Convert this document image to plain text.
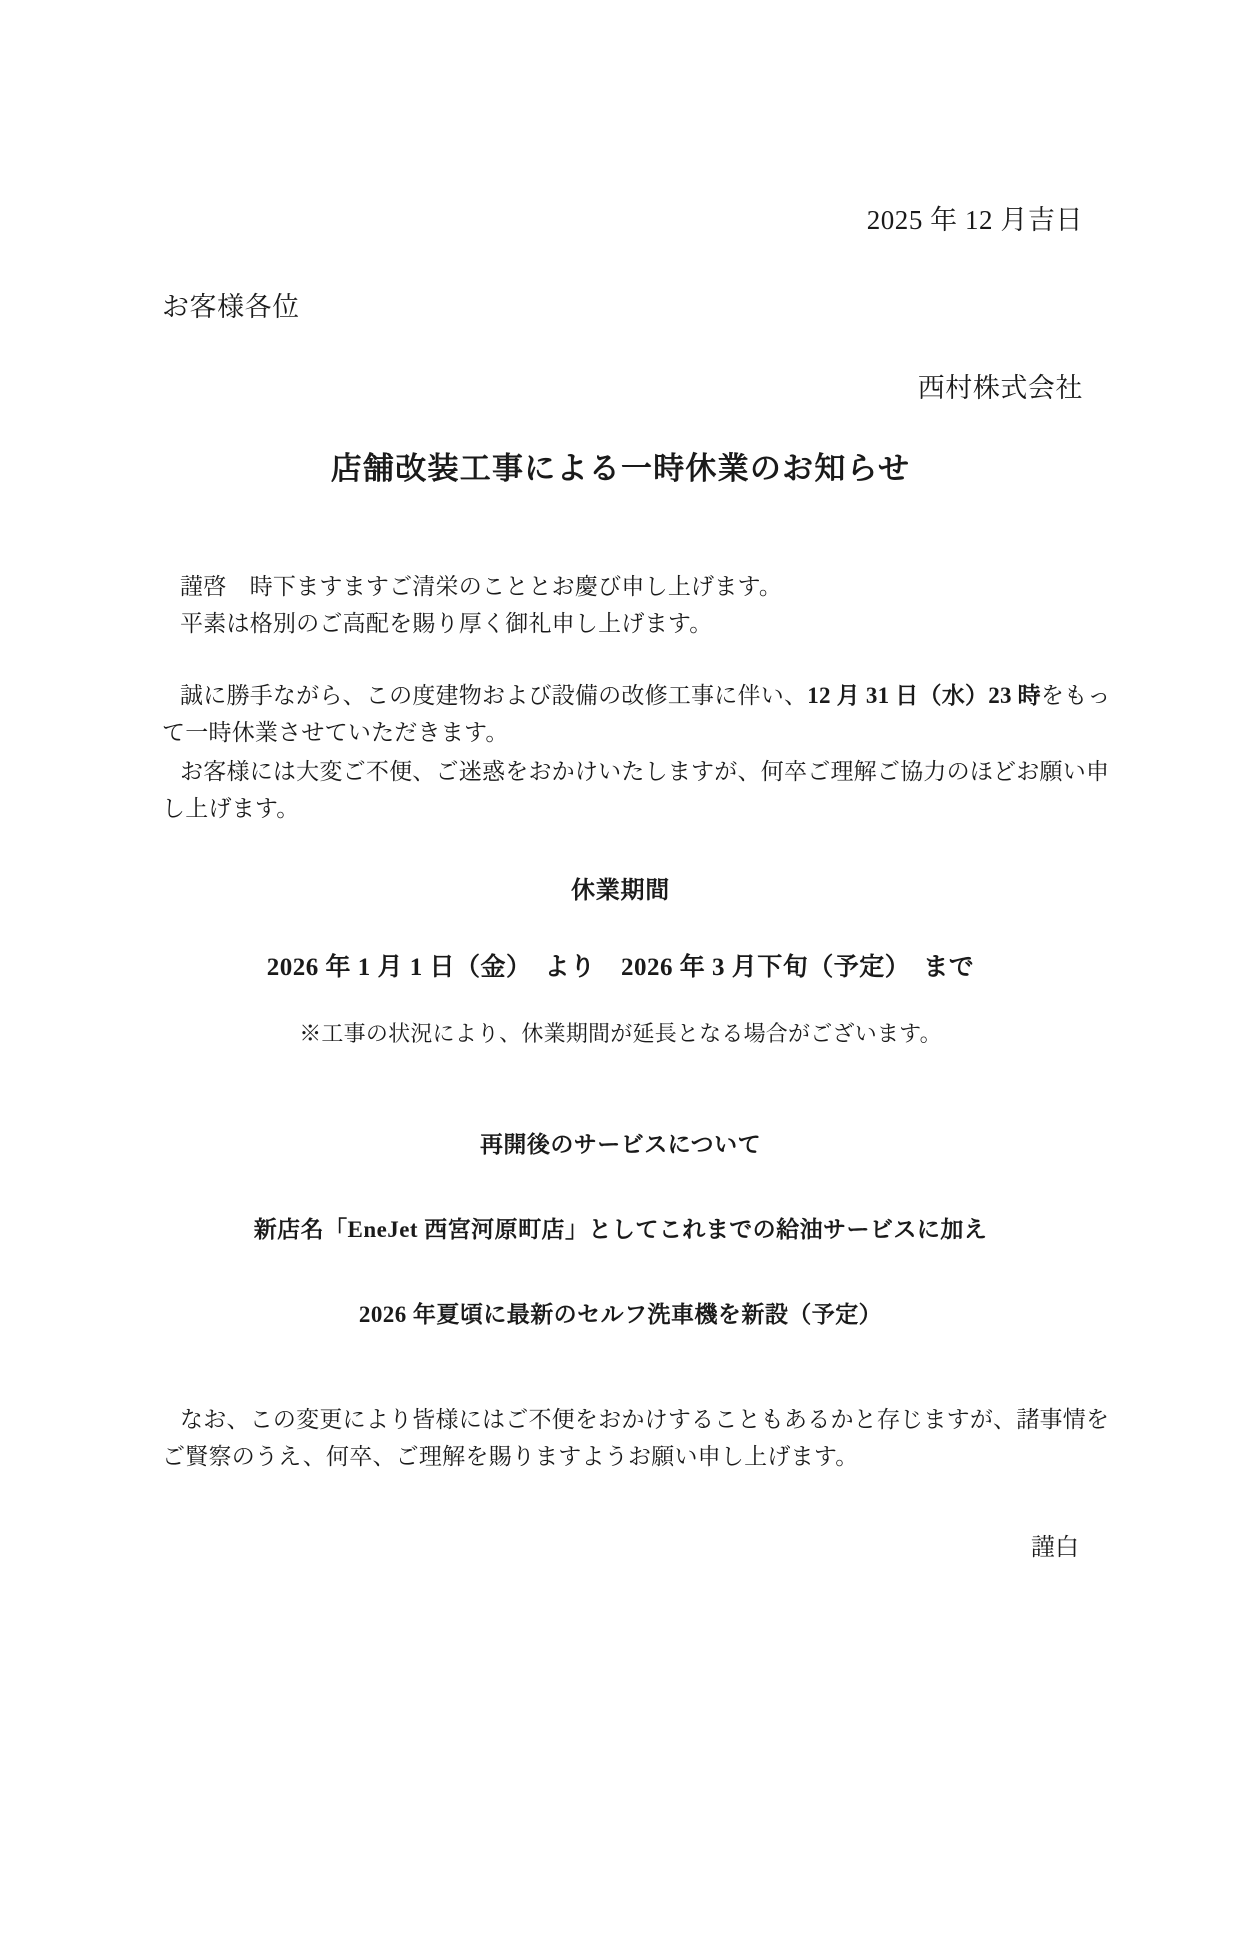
2025 年 12 月吉日
お客様各位
西村株式会社
店舗改装工事による一時休業のお知らせ

謹啓　時下ますますご清栄のこととお慶び申し上げます。

平素は格別のご高配を賜り厚く御礼申し上げます。

誠に勝手ながら、この度建物および設備の改修工事に伴い、12 月 31 日（水）23 時をもって一時休業させていただきます。

お客様には大変ご不便、ご迷惑をおかけいたしますが、何卒ご理解ご協力のほどお願い申し上げます。

休業期間
2026 年 1 月 1 日（金）　より　2026 年 3 月下旬（予定）　まで
※工事の状況により、休業期間が延長となる場合がございます。
再開後のサービスについて
新店名「EneJet 西宮河原町店」としてこれまでの給油サービスに加え
2026 年夏頃に最新のセルフ洗車機を新設（予定）

なお、この変更により皆様にはご不便をおかけすることもあるかと存じますが、諸事情をご賢察のうえ、何卒、ご理解を賜りますようお願い申し上げます。

謹白
